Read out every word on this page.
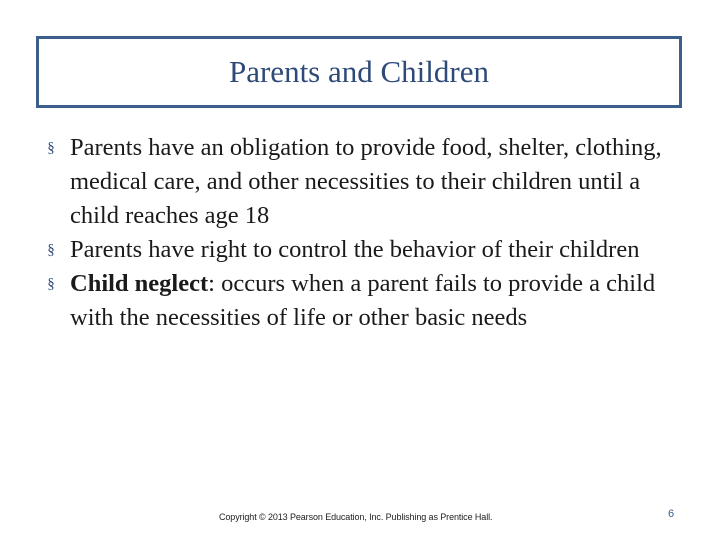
Parents and Children
§ Parents have an obligation to provide food, shelter, clothing, medical care, and other necessities to their children until a child reaches age 18
§ Parents have right to control the behavior of their children
§ Child neglect: occurs when a parent fails to provide a child with the necessities of life or other basic needs
Copyright © 2013 Pearson Education, Inc. Publishing as Prentice Hall.	6
